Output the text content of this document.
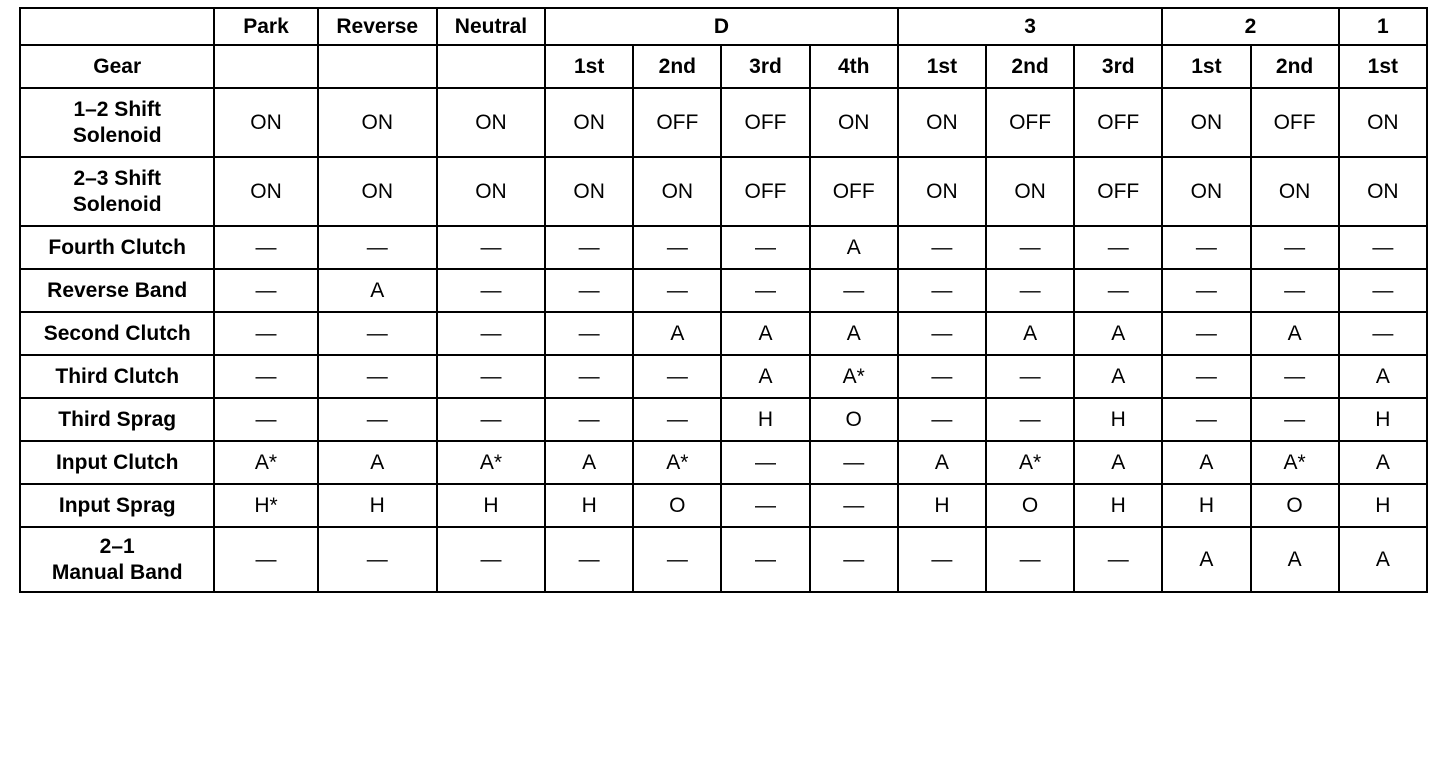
	Park	Reverse	Neutral	D				3			2		1
Gear				1st	2nd	3rd	4th	1st	2nd	3rd	1st	2nd	1st
1–2 Shift
Solenoid	ON	ON	ON	ON	OFF	OFF	ON	ON	OFF	OFF	ON	OFF	ON
2–3 Shift
Solenoid	ON	ON	ON	ON	ON	OFF	OFF	ON	ON	OFF	ON	ON	ON
Fourth Clutch	—	—	—	—	—	—	A	—	—	—	—	—	—
Reverse Band	—	A	—	—	—	—	—	—	—	—	—	—	—
Second Clutch	—	—	—	—	A	A	A	—	A	A	—	A	—
Third Clutch	—	—	—	—	—	A	A*	—	—	A	—	—	A
Third Sprag	—	—	—	—	—	H	O	—	—	H	—	—	H
Input Clutch	A*	A	A*	A	A*	—	—	A	A*	A	A	A*	A
Input Sprag	H*	H	H	H	O	—	—	H	O	H	H	O	H
2–1
Manual Band	—	—	—	—	—	—	—	—	—	—	A	A	A
